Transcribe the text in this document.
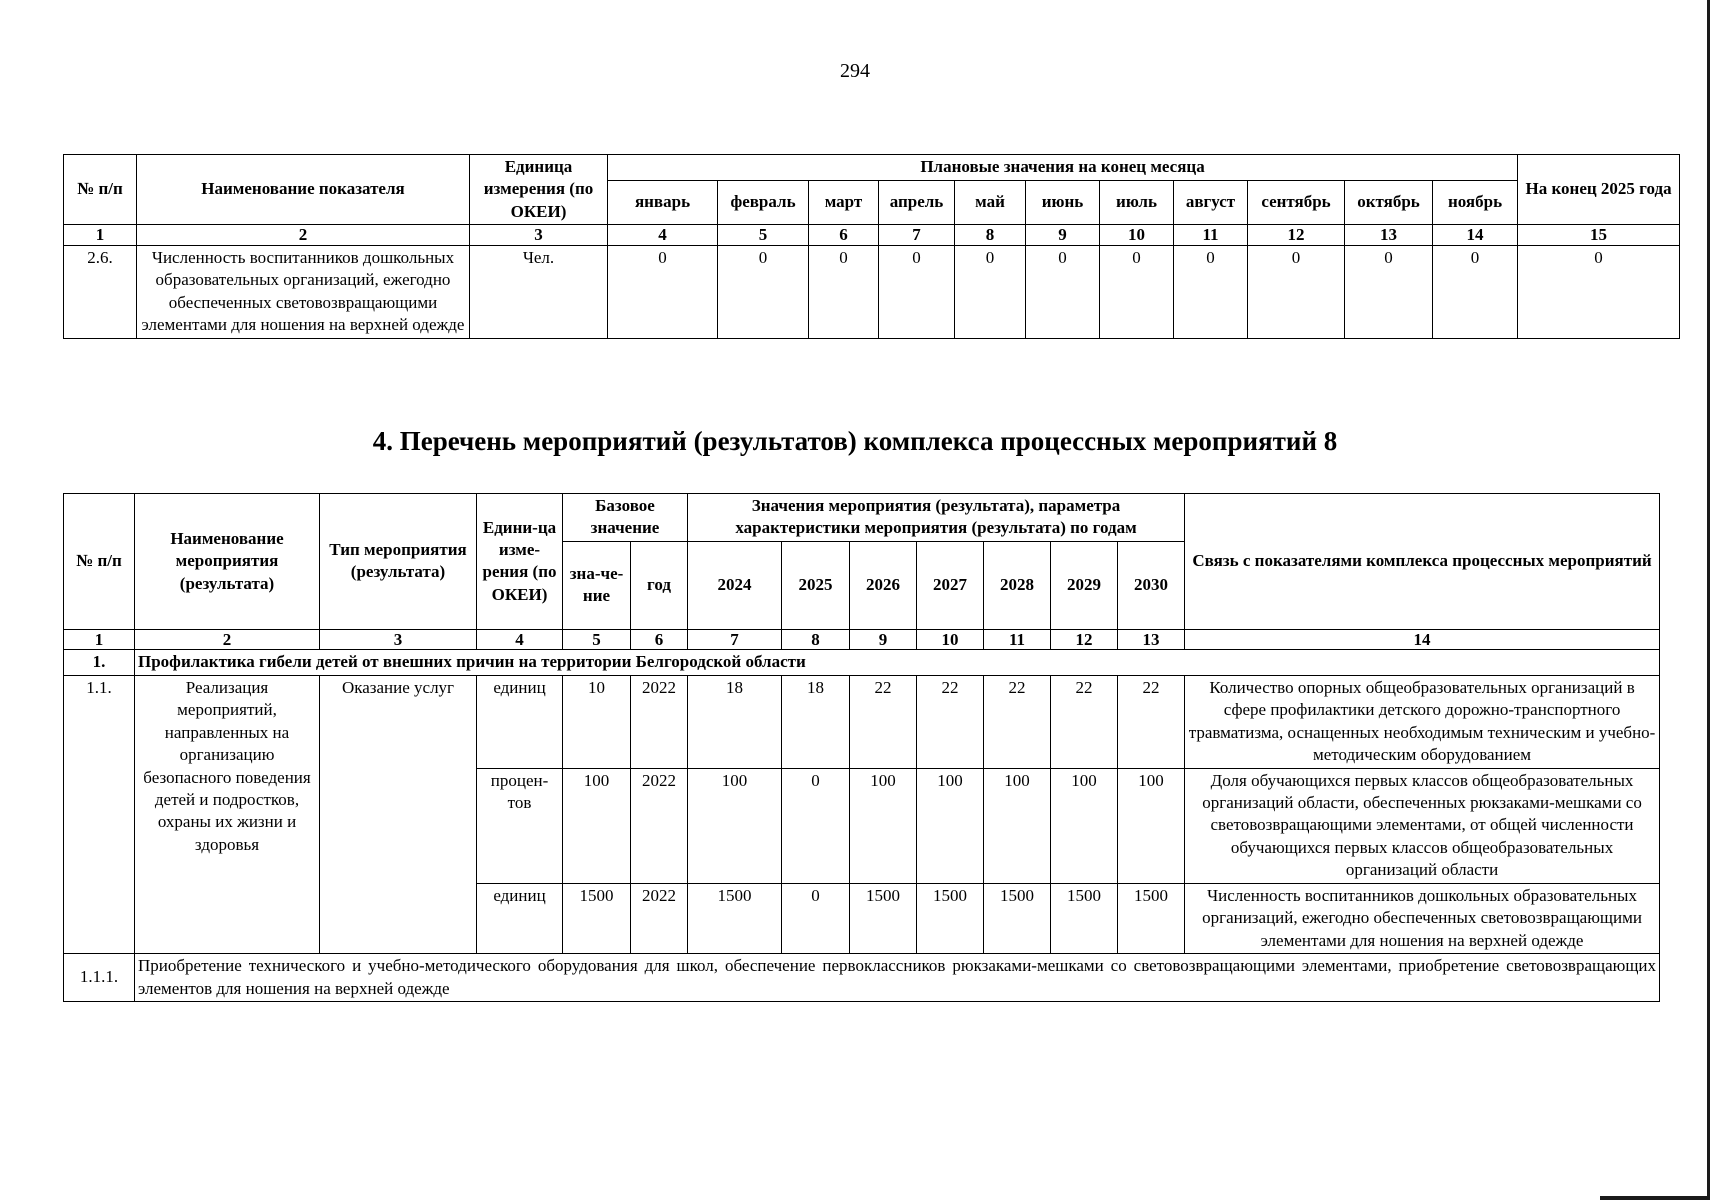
294
№ п/п	Наименование показателя	Единица измерения (по ОКЕИ)	Плановые значения на конец месяца											На конец 2025 года
			январь	февраль	март	апрель	май	июнь	июль	август	сентябрь	октябрь	ноябрь	
1	2	3	4	5	6	7	8	9	10	11	12	13	14	15
2.6.	Численность воспитанников дошкольных образовательных организаций, ежегодно обеспеченных световозвращающими элементами для ношения на верхней одежде	Чел.	0	0	0	0	0	0	0	0	0	0	0	0
4. Перечень мероприятий (результатов) комплекса процессных мероприятий 8
№ п/п	Наименование мероприятия (результата)	Тип мероприятия (результата)	Едини-ца изме-рения (по ОКЕИ)	Базовое значение		Значения мероприятия (результата), параметра характеристики мероприятия (результата) по годам							Связь с показателями комплекса процессных мероприятий
				зна-че-ние	год	2024	2025	2026	2027	2028	2029	2030	
1	2	3	4	5	6	7	8	9	10	11	12	13	14
1.	Профилактика гибели детей от внешних причин на территории Белгородской области												
1.1.	Реализация мероприятий, направленных на организацию безопасного поведения детей и подростков, охраны их жизни и здоровья	Оказание услуг	единиц	10	2022	18	18	22	22	22	22	22	Количество опорных общеобразовательных организаций в сфере профилактики детского дорожно-транспортного травматизма, оснащенных необходимым техническим и учебно-методическим оборудованием
			процен-тов	100	2022	100	0	100	100	100	100	100	Доля обучающихся первых классов общеобразовательных организаций области, обеспеченных рюкзаками-мешками со световозвращающими элементами, от общей численности обучающихся первых классов общеобразовательных организаций области
			единиц	1500	2022	1500	0	1500	1500	1500	1500	1500	Численность воспитанников дошкольных образовательных организаций, ежегодно обеспеченных световозвращающими элементами для ношения на верхней одежде
1.1.1.	Приобретение технического и учебно-методического оборудования для школ, обеспечение первоклассников рюкзаками-мешками со световозвращающими элементами, приобретение световозвращающих элементов для ношения на верхней одежде												
